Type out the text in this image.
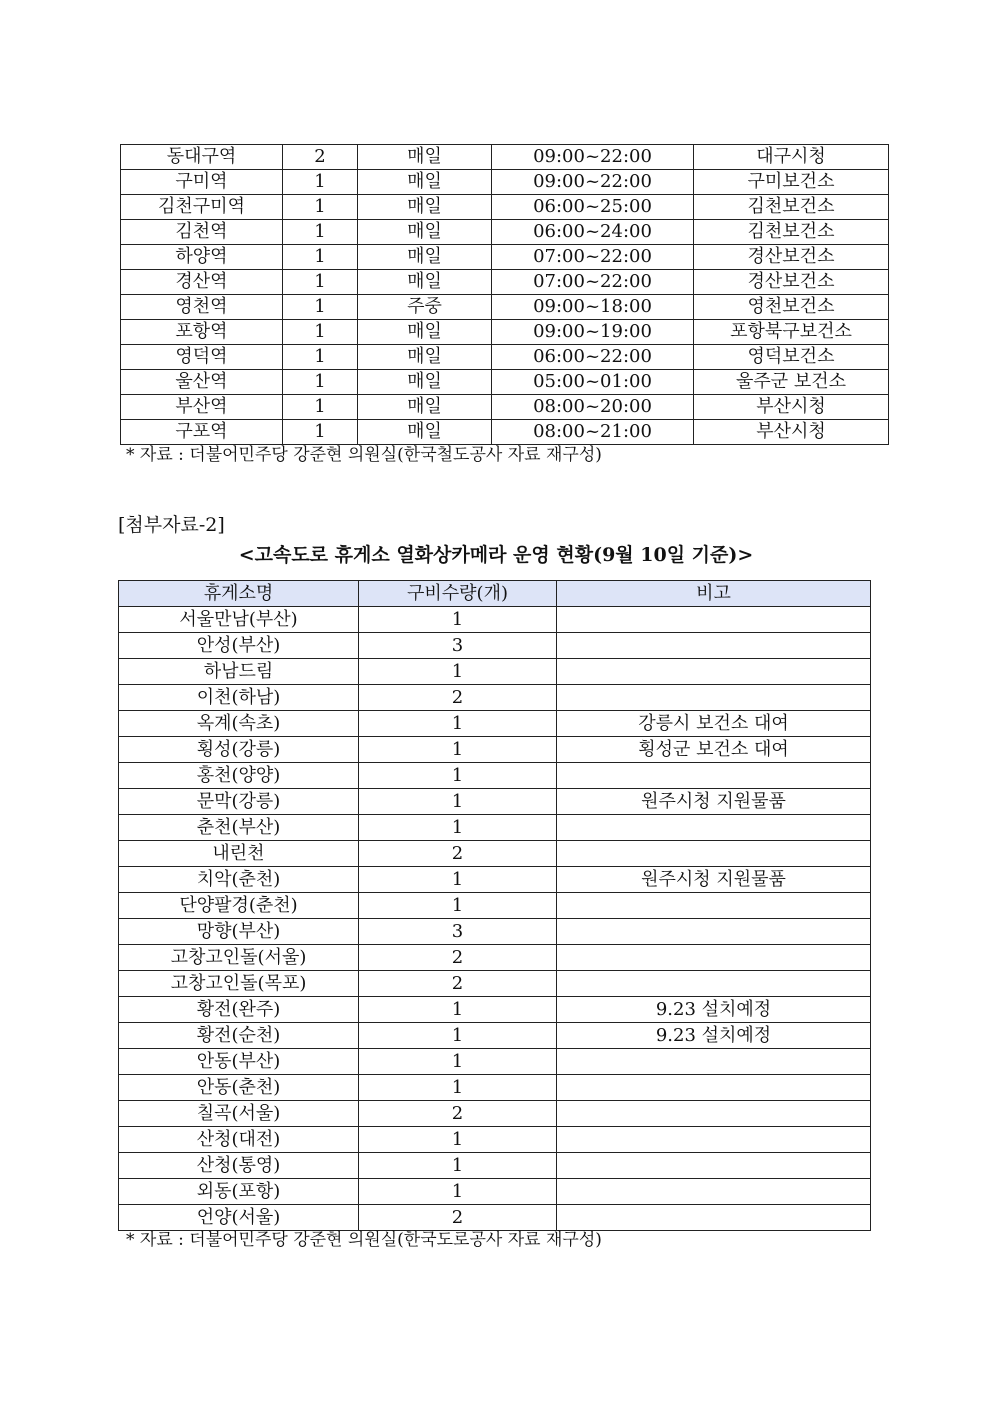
동대구역	2	매일	09:00~22:00	대구시청
구미역	1	매일	09:00~22:00	구미보건소
김천구미역	1	매일	06:00~25:00	김천보건소
김천역	1	매일	06:00~24:00	김천보건소
하양역	1	매일	07:00~22:00	경산보건소
경산역	1	매일	07:00~22:00	경산보건소
영천역	1	주중	09:00~18:00	영천보건소
포항역	1	매일	09:00~19:00	포항북구보건소
영덕역	1	매일	06:00~22:00	영덕보건소
울산역	1	매일	05:00~01:00	울주군 보건소
부산역	1	매일	08:00~20:00	부산시청
구포역	1	매일	08:00~21:00	부산시청
* 자료 : 더불어민주당 강준현 의원실(한국철도공사 자료 재구성)
[첨부자료-2]
<고속도로 휴게소 열화상카메라 운영 현황(9월 10일 기준)>
휴게소명	구비수량(개)	비고
서울만남(부산)	1	
안성(부산)	3	
하남드림	1	
이천(하남)	2	
옥계(속초)	1	강릉시 보건소 대여
횡성(강릉)	1	횡성군 보건소 대여
홍천(양양)	1	
문막(강릉)	1	원주시청 지원물품
춘천(부산)	1	
내린천	2	
치악(춘천)	1	원주시청 지원물품
단양팔경(춘천)	1	
망향(부산)	3	
고창고인돌(서울)	2	
고창고인돌(목포)	2	
황전(완주)	1	9.23 설치예정
황전(순천)	1	9.23 설치예정
안동(부산)	1	
안동(춘천)	1	
칠곡(서울)	2	
산청(대전)	1	
산청(통영)	1	
외동(포항)	1	
언양(서울)	2	
* 자료 : 더불어민주당 강준현 의원실(한국도로공사 자료 재구성)
